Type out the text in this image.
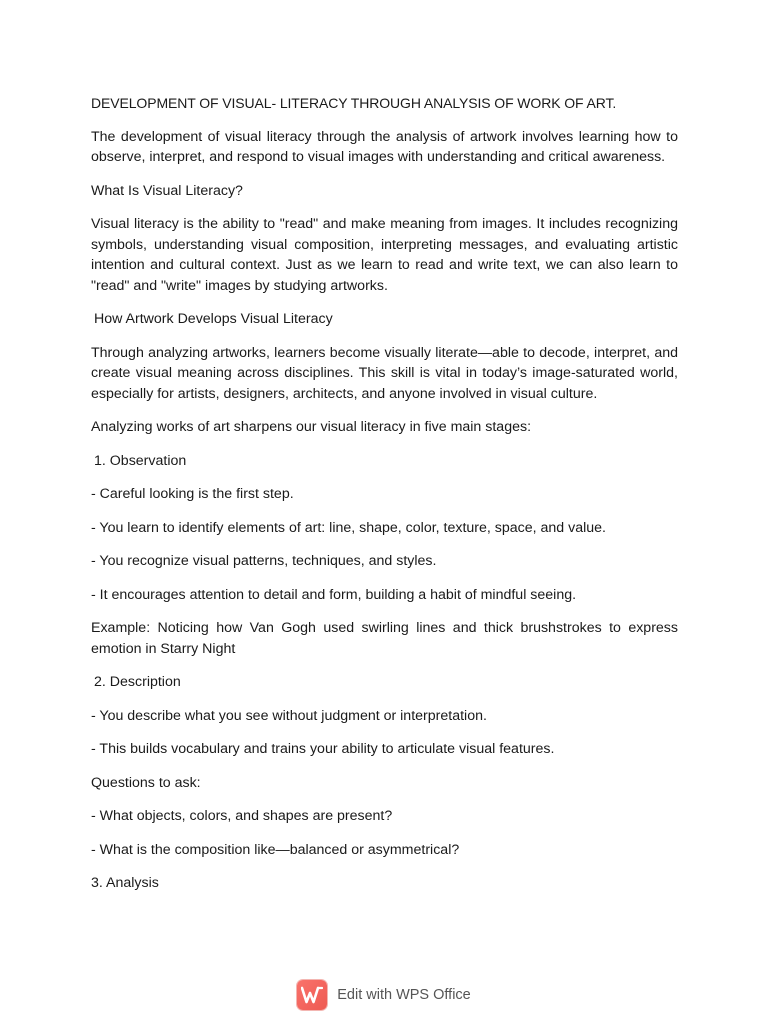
DEVELOPMENT OF VISUAL- LITERACY THROUGH ANALYSIS OF WORK OF ART.

The development of visual literacy through the analysis of artwork involves learning how to observe, interpret, and respond to visual images with understanding and critical awareness.

What Is Visual Literacy?

Visual literacy is the ability to "read" and make meaning from images. It includes recognizing symbols, understanding visual composition, interpreting messages, and evaluating artistic intention and cultural context. Just as we learn to read and write text, we can also learn to "read" and "write" images by studying artworks.

How Artwork Develops Visual Literacy

Through analyzing artworks, learners become visually literate—able to decode, interpret, and create visual meaning across disciplines. This skill is vital in today’s image-saturated world, especially for artists, designers, architects, and anyone involved in visual culture.

Analyzing works of art sharpens our visual literacy in five main stages:

1. Observation

- Careful looking is the first step.

- You learn to identify elements of art: line, shape, color, texture, space, and value.

- You recognize visual patterns, techniques, and styles.

- It encourages attention to detail and form, building a habit of mindful seeing.

Example: Noticing how Van Gogh used swirling lines and thick brushstrokes to express emotion in Starry Night

2. Description

- You describe what you see without judgment or interpretation.

- This builds vocabulary and trains your ability to articulate visual features.

Questions to ask:

- What objects, colors, and shapes are present?

- What is the composition like—balanced or asymmetrical?

3. Analysis

Edit with WPS Office
